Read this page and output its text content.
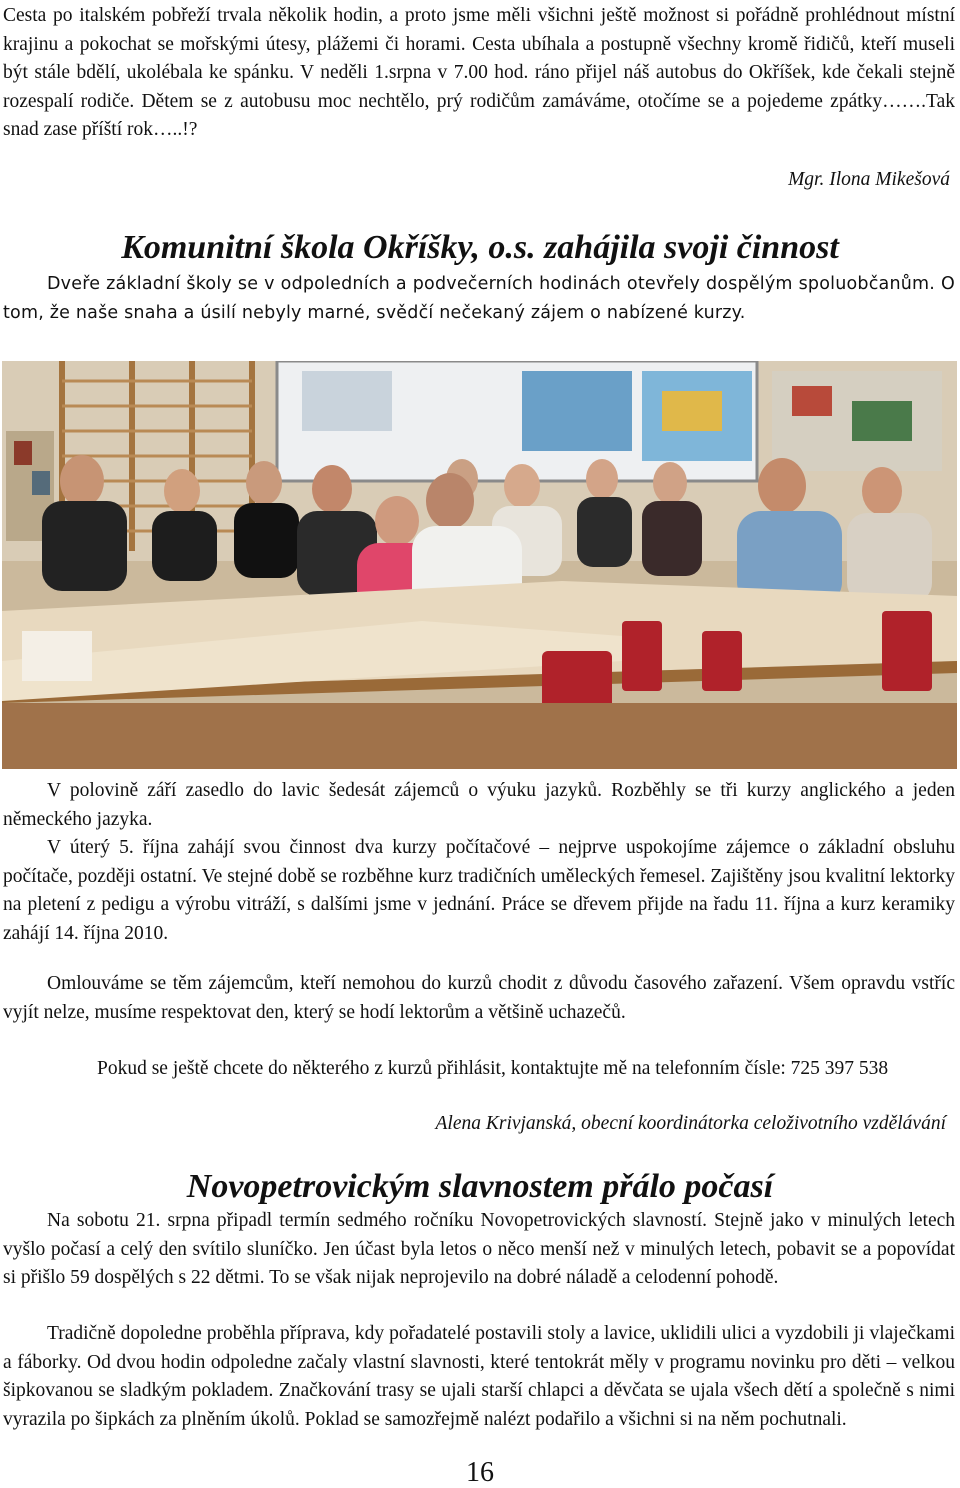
Cesta po italském pobřeží trvala několik hodin, a proto jsme měli všichni ještě možnost si pořádně prohlédnout místní krajinu a pokochat se mořskými útesy, plážemi či horami. Cesta ubíhala a postupně všechny kromě řidičů, kteří museli být stále bdělí, ukolébala ke spánku. V neděli 1.srpna v 7.00 hod. ráno přijel náš autobus do Okříšek, kde čekali stejně rozespalí rodiče. Dětem se z autobusu moc nechtělo, prý rodičům zamáváme, otočíme se a pojedeme zpátky…….Tak snad zase příští rok…..!?

Mgr. Ilona Mikešová

Komunitní škola Okříšky, o.s. zahájila svoji činnost

Dveře základní školy se v odpoledních a podvečerních hodinách otevřely dospělým spoluobčanům. O tom, že naše snaha a úsilí nebyly marné, svědčí nečekaný zájem o nabízené kurzy.

V polovině září zasedlo do lavic šedesát zájemců o výuku jazyků. Rozběhly se tři kurzy anglického a jeden německého jazyka.

V úterý 5. října zahájí svou činnost dva kurzy počítačové – nejprve uspokojíme zájemce o základní obsluhu počítače, později ostatní. Ve stejné době se rozběhne kurz tradičních uměleckých řemesel. Zajištěny jsou kvalitní lektorky na pletení z pedigu a výrobu vitráží, s dalšími jsme v jednání. Práce se dřevem přijde na řadu 11. října a kurz keramiky zahájí 14. října 2010.

Omlouváme se těm zájemcům, kteří nemohou do kurzů chodit z důvodu časového zařazení. Všem opravdu vstříc vyjít nelze, musíme respektovat den, který se hodí lektorům a většině uchazečů.

Pokud se ještě chcete do některého z kurzů přihlásit, kontaktujte mě na telefonním čísle: 725 397 538

Alena Krivjanská, obecní koordinátorka celoživotního vzdělávání

Novopetrovickým slavnostem přálo počasí

Na sobotu 21. srpna připadl termín sedmého ročníku Novopetrovických slavností. Stejně jako v minulých letech vyšlo počasí a celý den svítilo sluníčko. Jen účast byla letos o něco menší než v minulých letech, pobavit se a popovídat si přišlo 59 dospělých s 22 dětmi. To se však nijak neprojevilo na dobré náladě a celodenní pohodě.

Tradičně dopoledne proběhla příprava, kdy pořadatelé postavili stoly a lavice, uklidili ulici a vyzdobili ji vlaječkami a fáborky. Od dvou hodin odpoledne začaly vlastní slavnosti, které tentokrát měly v programu novinku pro děti – velkou šipkovanou se sladkým pokladem. Značkování trasy se ujali starší chlapci a děvčata se ujala všech dětí a společně s nimi vyrazila po šipkách za plněním úkolů. Poklad se samozřejmě nalézt podařilo a všichni si na něm pochutnali.

16
